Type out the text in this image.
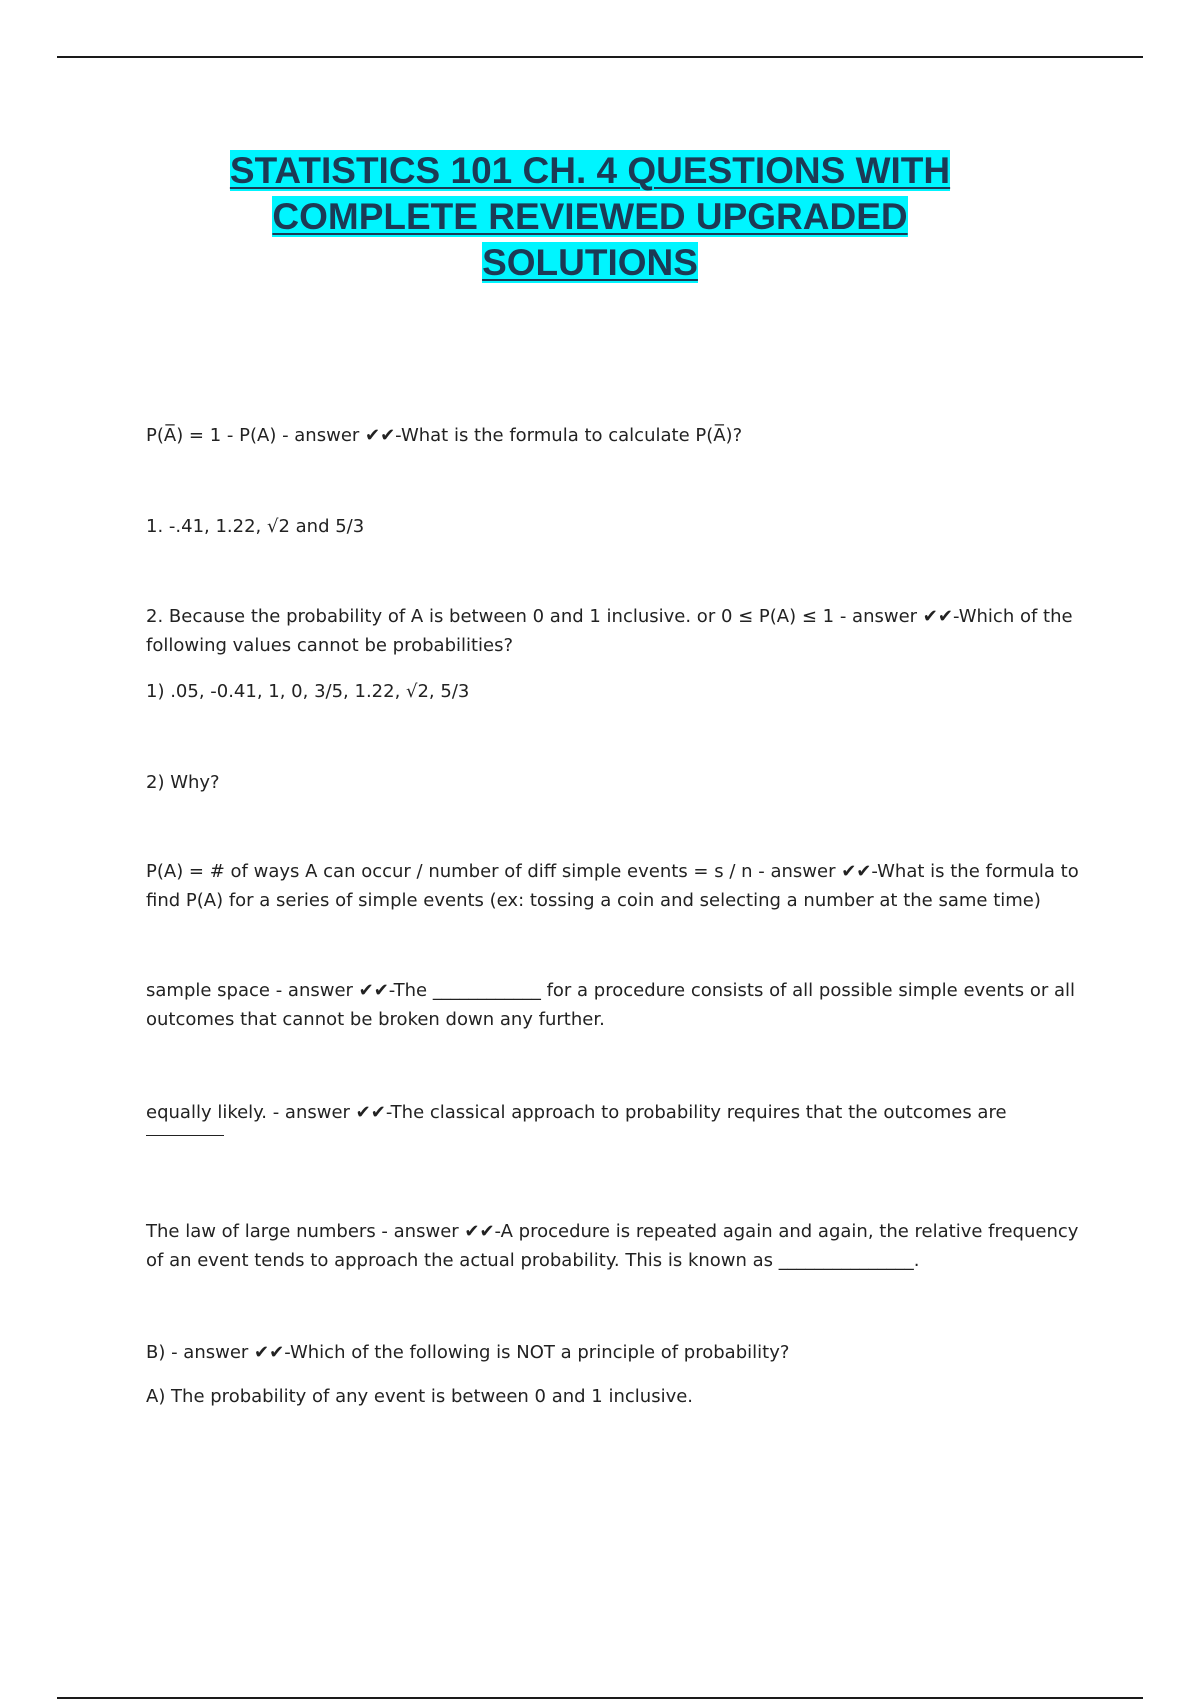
STATISTICS 101 CH. 4 QUESTIONS WITH
COMPLETE REVIEWED UPGRADED
SOLUTIONS
P(A̅) = 1 - P(A) - answer ✔✔-What is the formula to calculate P(A̅)?
1. -.41, 1.22, √2 and 5/3
2. Because the probability of A is between 0 and 1 inclusive. or 0 ≤ P(A) ≤ 1 - answer ✔✔-Which of the following values cannot be probabilities?
1) .05, -0.41, 1, 0, 3/5, 1.22, √2, 5/3
2) Why?
P(A) = # of ways A can occur / number of diff simple events = s / n - answer ✔✔-What is the formula to find P(A) for a series of simple events (ex: tossing a coin and selecting a number at the same time)
sample space - answer ✔✔-The ____________ for a procedure consists of all possible simple events or all outcomes that cannot be broken down any further.
equally likely. - answer ✔✔-The classical approach to probability requires that the outcomes are
The law of large numbers - answer ✔✔-A procedure is repeated again and again, the relative frequency of an event tends to approach the actual probability. This is known as _______________.
B) - answer ✔✔-Which of the following is NOT a principle of probability?
A) The probability of any event is between 0 and 1 inclusive.
